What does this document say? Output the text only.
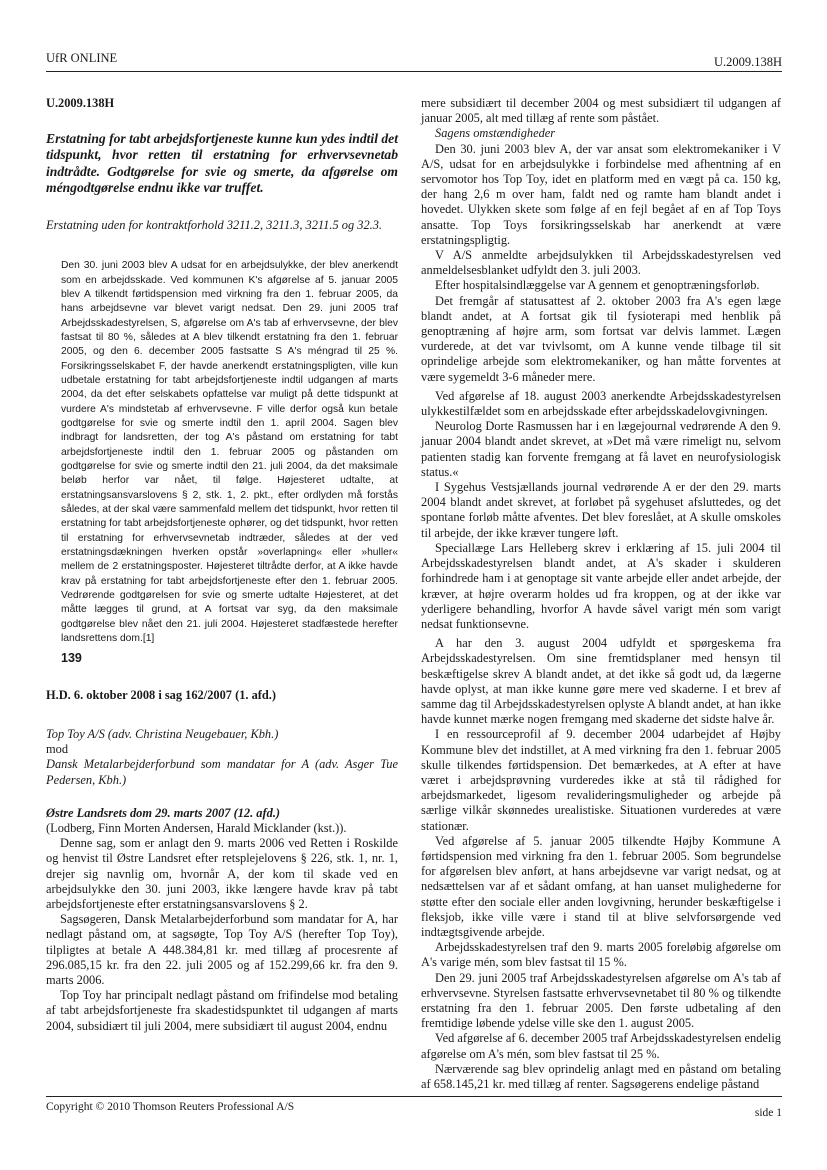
UfR ONLINE	U.2009.138H

U.2009.138H

Erstatning for tabt arbejdsfortjeneste kunne kun ydes indtil det tidspunkt, hvor retten til erstatning for erhvervsevnetab indtrådte. Godtgørelse for svie og smerte, da afgørelse om méngodtgørelse endnu ikke var truffet.

Erstatning uden for kontraktforhold 3211.2, 3211.3, 3211.5 og 32.3.

Den 30. juni 2003 blev A udsat for en arbejdsulykke, der blev anerkendt som en arbejdsskade. Ved kommunen K's afgørelse af 5. januar 2005 blev A tilkendt førtidspension med virkning fra den 1. februar 2005, da hans arbejdsevne var blevet varigt nedsat. Den 29. juni 2005 traf Arbejdsskadestyrelsen, S, afgørelse om A's tab af erhvervsevne, der blev fastsat til 80 %, således at A blev tilkendt erstatning fra den 1. februar 2005, og den 6. december 2005 fastsatte S A's méngrad til 25 %. Forsikringsselskabet F, der havde anerkendt erstatningspligten, ville kun udbetale erstatning for tabt arbejdsfortjeneste indtil udgangen af marts 2004, da det efter selskabets opfattelse var muligt på dette tidspunkt at vurdere A's mindstetab af erhvervsevne. F ville derfor også kun betale godtgørelse for svie og smerte indtil den 1. april 2004. Sagen blev indbragt for landsretten, der tog A's påstand om erstatning for tabt arbejdsfortjeneste indtil den 1. februar 2005 og påstanden om godtgørelse for svie og smerte indtil den 21. juli 2004, da det maksimale beløb herfor var nået, til følge. Højesteret udtalte, at erstatningsansvarslovens § 2, stk. 1, 2. pkt., efter ordlyden må forstås således, at der skal være sammenfald mellem det tidspunkt, hvor retten til erstatning for tabt arbejdsfortjeneste ophører, og det tidspunkt, hvor retten til erstatning for erhvervsevnetab indtræder, således at der ved erstatningsdækningen hverken opstår »overlapning« eller »huller« mellem de 2 erstatningsposter. Højesteret tiltrådte derfor, at A ikke havde krav på erstatning for tabt arbejdsfortjeneste efter den 1. februar 2005. Vedrørende godtgørelsen for svie og smerte udtalte Højesteret, at det måtte lægges til grund, at A fortsat var syg, da den maksimale godtgørelse blev nået den 21. juli 2004. Højesteret stadfæstede herefter landsrettens dom.[1]

139

H.D. 6. oktober 2008 i sag 162/2007 (1. afd.)

Top Toy A/S (adv. Christina Neugebauer, Kbh.)

mod

Dansk Metalarbejderforbund som mandatar for A (adv. Asger Tue Pedersen, Kbh.)

Østre Landsrets dom 29. marts 2007 (12. afd.)

(Lodberg, Finn Morten Andersen, Harald Micklander (kst.)).

Denne sag, som er anlagt den 9. marts 2006 ved Retten i Roskilde og henvist til Østre Landsret efter retsplejelovens § 226, stk. 1, nr. 1, drejer sig navnlig om, hvornår A, der kom til skade ved en arbejdsulykke den 30. juni 2003, ikke længere havde krav på tabt arbejdsfortjeneste efter erstatningsansvarslovens § 2.

Sagsøgeren, Dansk Metalarbejderforbund som mandatar for A, har nedlagt påstand om, at sagsøgte, Top Toy A/S (herefter Top Toy), tilpligtes at betale A 448.384,81 kr. med tillæg af procesrente af 296.085,15 kr. fra den 22. juli 2005 og af 152.299,66 kr. fra den 9. marts 2006.

Top Toy har principalt nedlagt påstand om frifindelse mod betaling af tabt arbejdsfortjeneste fra skadestidspunktet til udgangen af marts 2004, subsidiært til juli 2004, mere subsidiært til august 2004, endnu

mere subsidiært til december 2004 og mest subsidiært til udgangen af januar 2005, alt med tillæg af rente som påstået.

Sagens omstændigheder

Den 30. juni 2003 blev A, der var ansat som elektromekaniker i V A/S, udsat for en arbejdsulykke i forbindelse med afhentning af en servomotor hos Top Toy, idet en platform med en vægt på ca. 150 kg, der hang 2,6 m over ham, faldt ned og ramte ham blandt andet i hovedet. Ulykken skete som følge af en fejl begået af en af Top Toys ansatte. Top Toys forsikringsselskab har anerkendt at være erstatningspligtig.

V A/S anmeldte arbejdsulykken til Arbejdsskadestyrelsen ved anmeldelsesblanket udfyldt den 3. juli 2003.

Efter hospitalsindlæggelse var A gennem et genoptræningsforløb.

Det fremgår af statusattest af 2. oktober 2003 fra A's egen læge blandt andet, at A fortsat gik til fysioterapi med henblik på genoptræning af højre arm, som fortsat var delvis lammet. Lægen vurderede, at det var tvivlsomt, om A kunne vende tilbage til sit oprindelige arbejde som elektromekaniker, og han måtte forventes at være sygemeldt 3-6 måneder mere.

Ved afgørelse af 18. august 2003 anerkendte Arbejdsskadestyrelsen ulykkestilfældet som en arbejdsskade efter arbejdsskadelovgivningen.

Neurolog Dorte Rasmussen har i en lægejournal vedrørende A den 9. januar 2004 blandt andet skrevet, at »Det må være rimeligt nu, selvom patienten stadig kan forvente fremgang at få lavet en neurofysiologisk status.«

I Sygehus Vestsjællands journal vedrørende A er der den 29. marts 2004 blandt andet skrevet, at forløbet på sygehuset afsluttedes, og det spontane forløb måtte afventes. Det blev foreslået, at A skulle omskoles til arbejde, der ikke kræver tungere løft.

Speciallæge Lars Helleberg skrev i erklæring af 15. juli 2004 til Arbejdsskadestyrelsen blandt andet, at A's skader i skulderen forhindrede ham i at genoptage sit vante arbejde eller andet arbejde, der kræver, at højre overarm holdes ud fra kroppen, og at der ikke var yderligere behandling, hvorfor A havde såvel varigt mén som varigt nedsat funktionsevne.

A har den 3. august 2004 udfyldt et spørgeskema fra Arbejdsskadestyrelsen. Om sine fremtidsplaner med hensyn til beskæftigelse skrev A blandt andet, at det ikke så godt ud, da lægerne havde oplyst, at man ikke kunne gøre mere ved skaderne. I et brev af samme dag til Arbejdsskadestyrelsen oplyste A blandt andet, at han ikke havde kunnet mærke nogen fremgang med skaderne det sidste halve år.

I en ressourceprofil af 9. december 2004 udarbejdet af Højby Kommune blev det indstillet, at A med virkning fra den 1. februar 2005 skulle tilkendes førtidspension. Det bemærkedes, at A efter at have været i arbejdsprøvning vurderedes ikke at stå til rådighed for arbejdsmarkedet, ligesom revalideringsmuligheder og arbejde på særlige vilkår skønnedes urealistiske. Situationen vurderedes at være stationær.

Ved afgørelse af 5. januar 2005 tilkendte Højby Kommune A førtidspension med virkning fra den 1. februar 2005. Som begrundelse for afgørelsen blev anført, at hans arbejdsevne var varigt nedsat, og at nedsættelsen var af et sådant omfang, at han uanset mulighederne for støtte efter den sociale eller anden lovgivning, herunder beskæftigelse i fleksjob, ikke ville være i stand til at blive selvforsørgende ved indtægtsgivende arbejde.

Arbejdsskadestyrelsen traf den 9. marts 2005 foreløbig afgørelse om A's varige mén, som blev fastsat til 15 %.

Den 29. juni 2005 traf Arbejdsskadestyrelsen afgørelse om A's tab af erhvervsevne. Styrelsen fastsatte erhvervsevnetabet til 80 % og tilkendte erstatning fra den 1. februar 2005. Den første udbetaling af den fremtidige løbende ydelse ville ske den 1. august 2005.

Ved afgørelse af 6. december 2005 traf Arbejdsskadestyrelsen endelig afgørelse om A's mén, som blev fastsat til 25 %.

Nærværende sag blev oprindelig anlagt med en påstand om betaling af 658.145,21 kr. med tillæg af renter. Sagsøgerens endelige påstand

Copyright © 2010 Thomson Reuters Professional A/S	side 1
